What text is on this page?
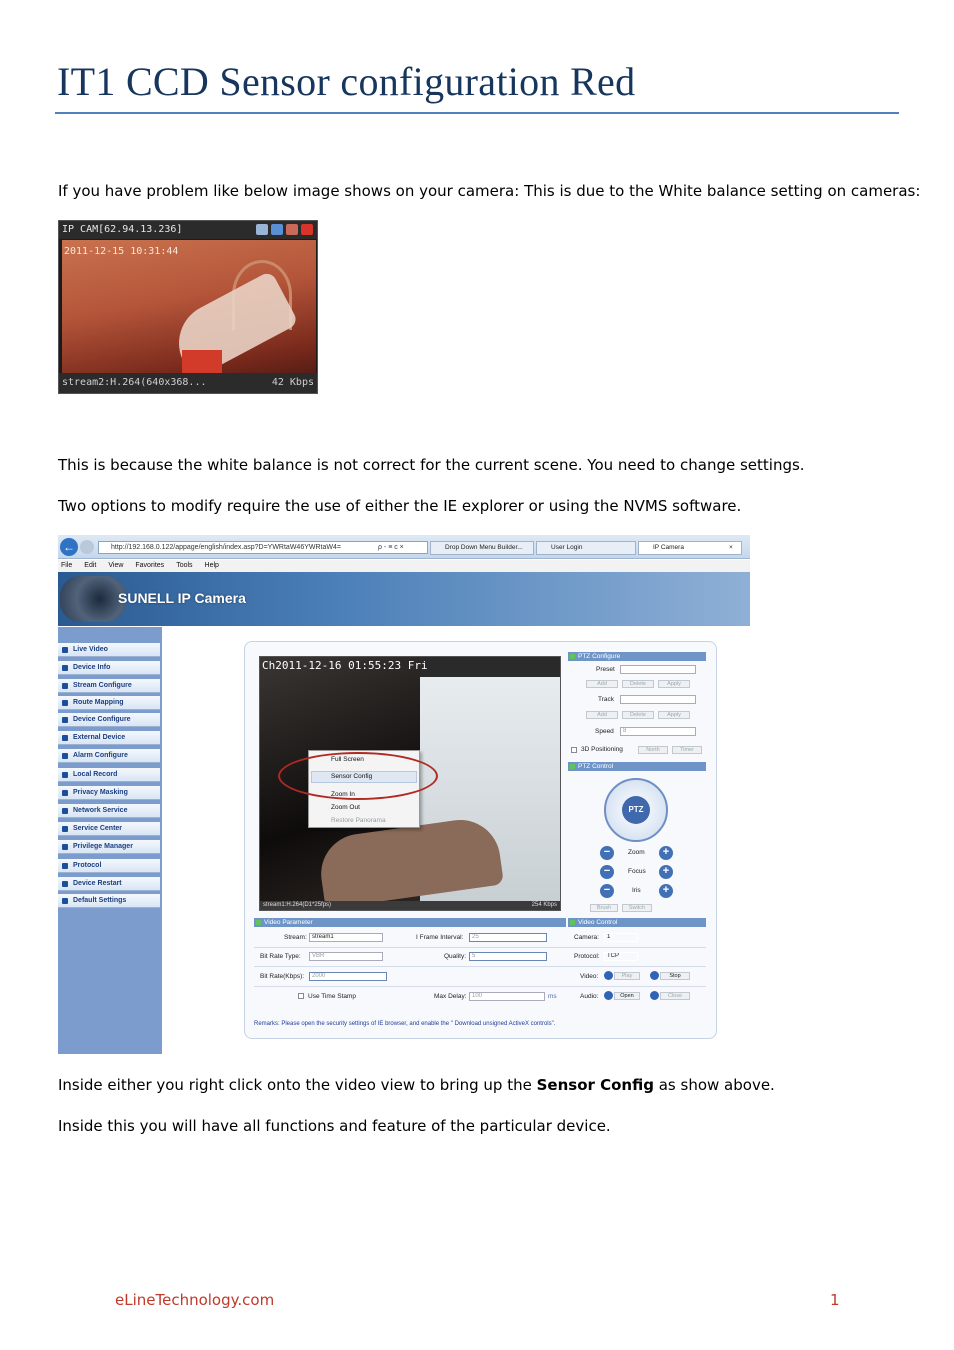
IT1 CCD Sensor configuration Red
If you have problem like below image shows on your camera: This is due to the White balance setting on cameras:
IP CAM[62.94.13.236]
2011-12-15 10:31:44
stream2:H.264(640x368...	42 Kbps
This is because the white balance is not correct for the current scene. You need to change settings.
Two options to modify require the use of either the IE explorer or using the NVMS software.
←	http://192.168.0.122/appage/english/index.asp?D=YWRtaW46YWRtaW4=	ρ - ≡ c ×	Drop Down Menu Builder...	User Login	IP Camera	×
File Edit View Favorites Tools Help
SUNELL IP Camera
Live Video
Device Info
Stream Configure
Route Mapping
Device Configure
External Device
Alarm Configure
Local Record
Privacy Masking
Network Service
Service Center
Privilege Manager
Protocol
Device Restart
Default Settings
Ch2011-12-16 01:55:23 Fri
stream1:H.264(D1*25fps)	254 Kbps
Full Screen
Sensor Config
Zoom In
Zoom Out
Restore Panorama
PTZ Configure
Preset
Add	Delete	Apply
Track
Add	Delete	Apply
Speed	8
3D Positioning	North	Timer
PTZ Control
PTZ
−	Zoom	+
−	Focus	+
−	Iris	+
Brush	Switch
Video Parameter	Video Control
Stream: stream1	I Frame Interval:	25	Camera:	1
Bit Rate Type:	VBR	Quality: 5	Protocol:	TCP
Bit Rate(Kbps):	2000	Video:	Play	Stop
Use Time Stamp	Max Delay: 100	ms	Audio:	Open	Close
Remarks: Please open the security settings of IE browser, and enable the " Download unsigned ActiveX controls".
Inside either you right click onto the video view to bring up the Sensor Config as show above.
Inside this you will have all functions and feature of the particular device.
eLineTechnology.com	1
